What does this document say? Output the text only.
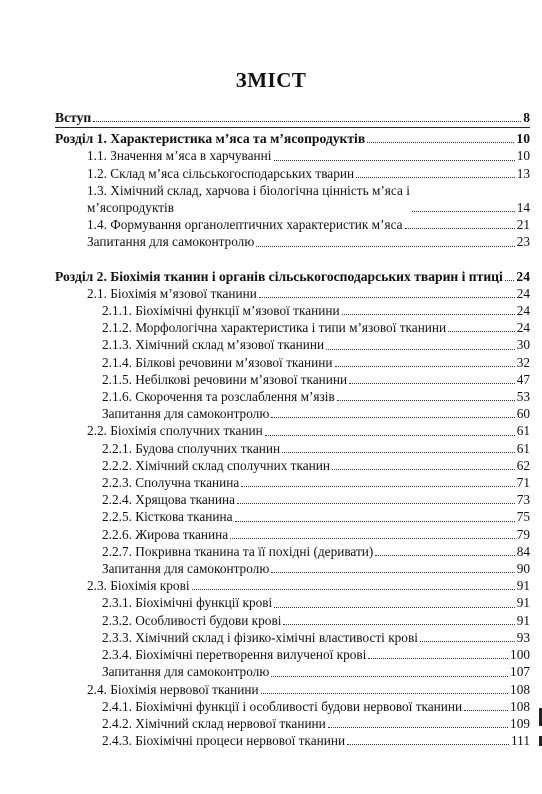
ЗМІСТ
Вступ	8
Розділ 1. Характеристика м’яса та м’ясопродуктів	10
1.1. Значення м’яса в харчуванні	10
1.2. Склад м’яса сільськогосподарських тварин	13
1.3. Хімічний склад, харчова і біологічна цінність м’яса і
м’ясопродуктів	14
1.4. Формування органолептичних характеристик м’яса	21
Запитання для самоконтролю	23
Розділ 2. Біохімія тканин і органів сільськогосподарських тварин і птиці 24
2.1. Біохімія м’язової тканини	24
2.1.1. Біохімічні функції м’язової тканини	24
2.1.2. Морфологічна характеристика і типи м’язової тканини	24
2.1.3. Хімічний склад м’язової тканини	30
2.1.4. Білкові речовини м’язової тканини	32
2.1.5. Небілкові речовини м’язової тканини	47
2.1.6. Скорочення та розслаблення м’язів	53
Запитання для самоконтролю	60
2.2. Біохімія сполучних тканин	61
2.2.1. Будова сполучних тканин	61
2.2.2. Хімічний склад сполучних тканин	62
2.2.3. Сполучна тканина	71
2.2.4. Хрящова тканина	73
2.2.5. Кісткова тканина	75
2.2.6. Жирова тканина	79
2.2.7. Покривна тканина та її похідні (деривати)	84
Запитання для самоконтролю	90
2.3. Біохімія крові	91
2.3.1. Біохімічні функції крові	91
2.3.2. Особливості будови крові	91
2.3.3. Хімічний склад і фізико-хімічні властивості крові	93
2.3.4. Біохімічні перетворення вилученої крові	100
Запитання для самоконтролю	107
2.4. Біохімія нервової тканини	108
2.4.1. Біохімічні функції і особливості будови нервової тканини	108
2.4.2. Хімічний склад нервової тканини	109
2.4.3. Біохімічні процеси нервової тканини	111
